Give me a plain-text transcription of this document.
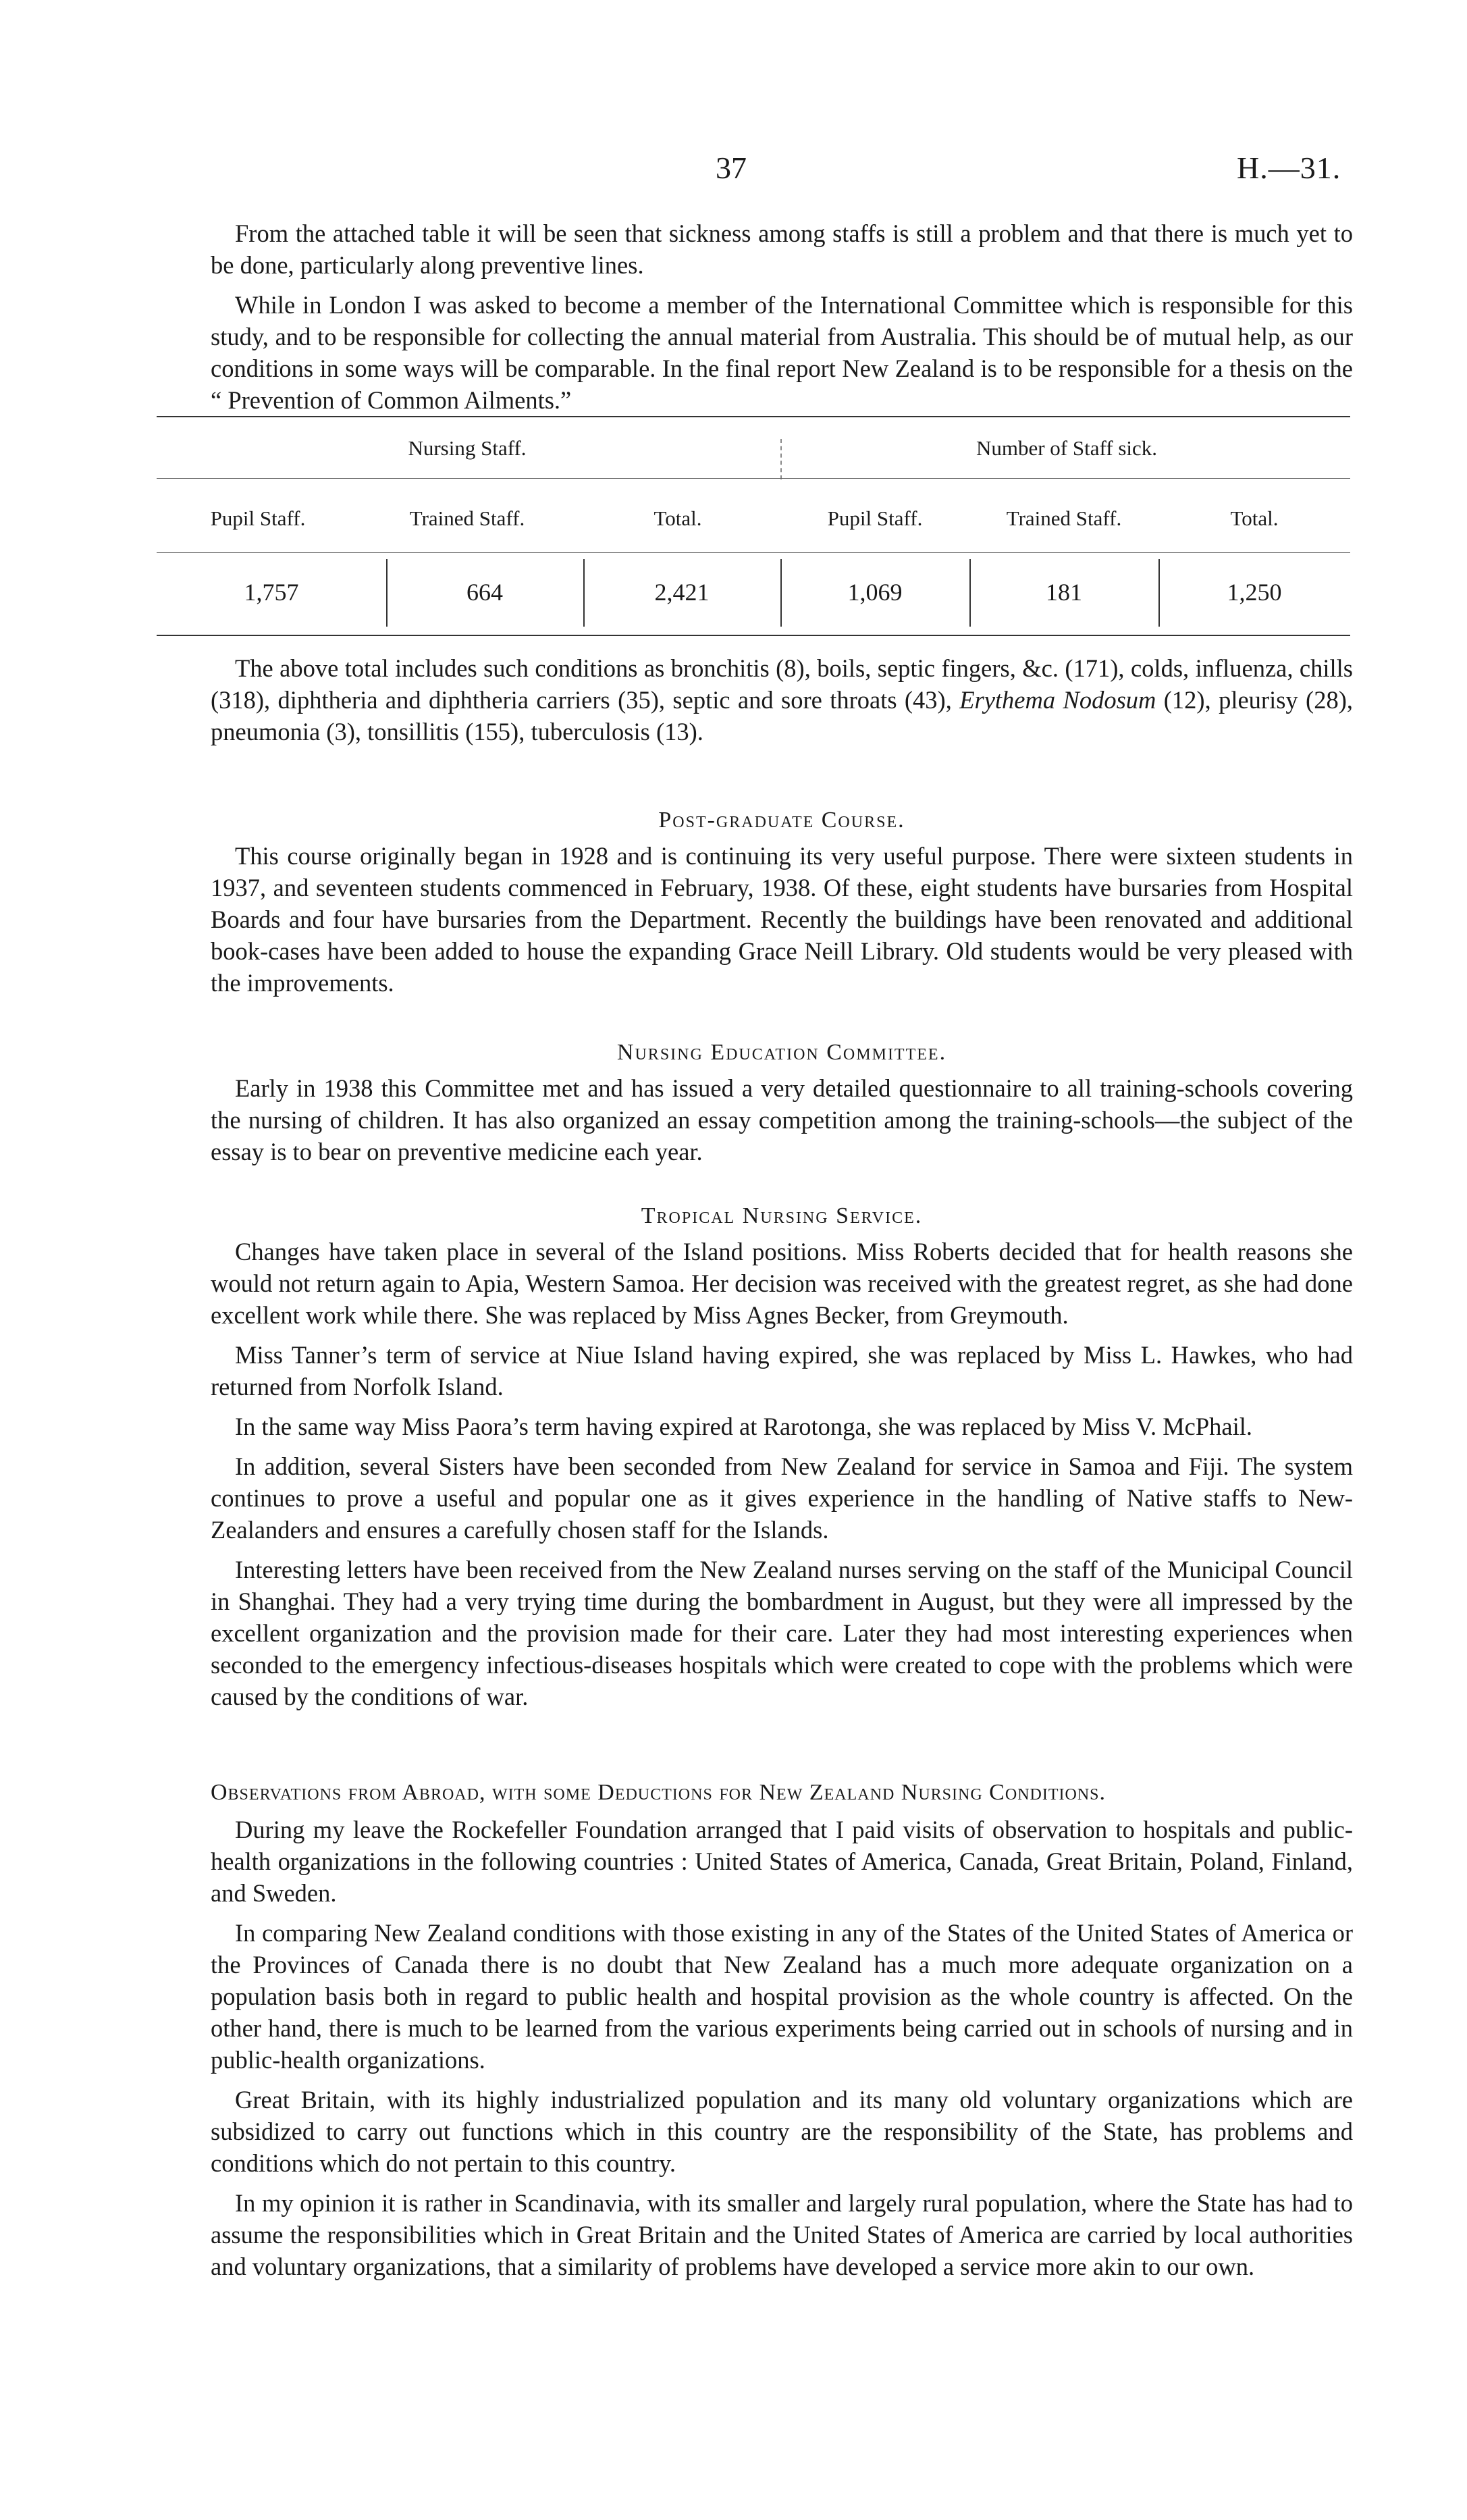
37	H.—31.

From the attached table it will be seen that sickness among staffs is still a problem and that there is much yet to be done, particularly along preventive lines.

While in London I was asked to become a member of the International Committee which is responsible for this study, and to be responsible for collecting the annual material from Australia. This should be of mutual help, as our conditions in some ways will be comparable. In the final report New Zealand is to be responsible for a thesis on the “ Prevention of Common Ailments.”

Nursing Staff.	Number of Staff sick.
Pupil Staff.	Trained Staff.	Total.	Pupil Staff.	Trained Staff.	Total.
1,757	664	2,421	1,069	181	1,250

The above total includes such conditions as bronchitis (8), boils, septic fingers, &c. (171), colds, influenza, chills (318), diphtheria and diphtheria carriers (35), septic and sore throats (43), Erythema Nodosum (12), pleurisy (28), pneumonia (3), tonsillitis (155), tuberculosis (13).

Post-graduate Course.

This course originally began in 1928 and is continuing its very useful purpose. There were sixteen students in 1937, and seventeen students commenced in February, 1938. Of these, eight students have bursaries from Hospital Boards and four have bursaries from the Department. Recently the buildings have been renovated and additional book-cases have been added to house the expanding Grace Neill Library. Old students would be very pleased with the improvements.

Nursing Education Committee.

Early in 1938 this Committee met and has issued a very detailed questionnaire to all training-schools covering the nursing of children. It has also organized an essay competition among the training-schools—the subject of the essay is to bear on preventive medicine each year.

Tropical Nursing Service.

Changes have taken place in several of the Island positions. Miss Roberts decided that for health reasons she would not return again to Apia, Western Samoa. Her decision was received with the greatest regret, as she had done excellent work while there. She was replaced by Miss Agnes Becker, from Greymouth.

Miss Tanner’s term of service at Niue Island having expired, she was replaced by Miss L. Hawkes, who had returned from Norfolk Island.

In the same way Miss Paora’s term having expired at Rarotonga, she was replaced by Miss V. McPhail.

In addition, several Sisters have been seconded from New Zealand for service in Samoa and Fiji. The system continues to prove a useful and popular one as it gives experience in the handling of Native staffs to New-Zealanders and ensures a carefully chosen staff for the Islands.

Interesting letters have been received from the New Zealand nurses serving on the staff of the Municipal Council in Shanghai. They had a very trying time during the bombardment in August, but they were all impressed by the excellent organization and the provision made for their care. Later they had most interesting experiences when seconded to the emergency infectious-diseases hospitals which were created to cope with the problems which were caused by the conditions of war.

Observations from Abroad, with some Deductions for New Zealand Nursing Conditions.

During my leave the Rockefeller Foundation arranged that I paid visits of observation to hospitals and public-health organizations in the following countries : United States of America, Canada, Great Britain, Poland, Finland, and Sweden.

In comparing New Zealand conditions with those existing in any of the States of the United States of America or the Provinces of Canada there is no doubt that New Zealand has a much more adequate organization on a population basis both in regard to public health and hospital provision as the whole country is affected. On the other hand, there is much to be learned from the various experiments being carried out in schools of nursing and in public-health organizations.

Great Britain, with its highly industrialized population and its many old voluntary organizations which are subsidized to carry out functions which in this country are the responsibility of the State, has problems and conditions which do not pertain to this country.

In my opinion it is rather in Scandinavia, with its smaller and largely rural population, where the State has had to assume the responsibilities which in Great Britain and the United States of America are carried by local authorities and voluntary organizations, that a similarity of problems have developed a service more akin to our own.
